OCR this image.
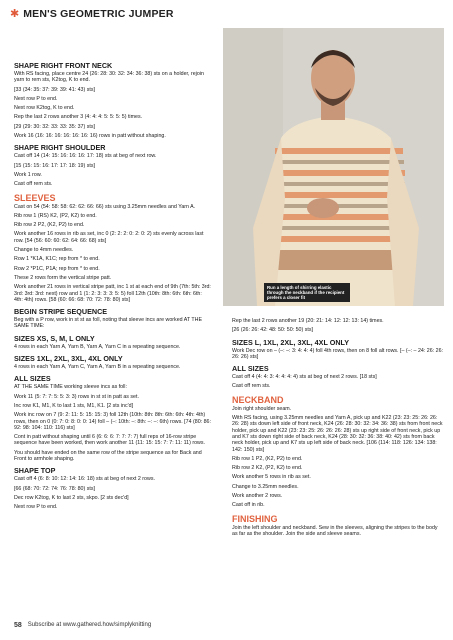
✱ MEN'S GEOMETRIC JUMPER
SHAPE RIGHT FRONT NECK

With RS facing, place centre 24 (26: 28: 30: 32: 34: 36: 38) sts on a holder, rejoin yarn to rem sts, K2tog, K to end.

[33 (34: 35: 37: 39: 39: 41: 43) sts]

Next row P to end.

Next row K2tog, K to end.

Rep the last 2 rows another 3 (4: 4: 4: 5: 5: 5: 5) times.

[29 (29: 30: 32: 33: 33: 35: 37) sts]

Work 16 (16: 16: 16: 16: 16: 16: 16) rows in patt without shaping.

SHAPE RIGHT SHOULDER

Cast off 14 (14: 15: 16: 16: 16: 17: 18) sts at beg of next row.

[15 (15: 15: 16: 17: 17: 18: 19) sts]

Work 1 row.

Cast off rem sts.

SLEEVES

Cast on 54 (54: 58: 58: 62: 62: 66: 66) sts using 3.25mm needles and Yarn A.

Rib row 1 (RS) K2, (P2, K2) to end.

Rib row 2 P2, (K2, P2) to end.

Work another 16 rows in rib as set, inc 0 (2: 2: 2: 0: 2: 0: 2) sts evenly across last row. [54 (56: 60: 60: 62: 64: 66: 68) sts]

Change to 4mm needles.

Row 1 *K1A, K1C; rep from * to end.

Row 2 *P1C, P1A; rep from * to end.

These 2 rows form the vertical stripe patt.

Work another 21 rows in vertical stripe patt, inc 1 st at each end of 9th (7th: 5th: 3rd: 3rd: 3rd: 3rd: next) row and 1 (1: 2: 3: 3: 3: 5: 5) foll 12th (10th: 8th: 6th: 6th: 6th: 4th: 4th) rows. [58 (60: 66: 68: 70: 72: 78: 80) sts]

BEGIN STRIPE SEQUENCE

Beg with a P row, work in st st as foll, noting that sleeve incs are worked AT THE SAME TIME:

SIZES XS, S, M, L ONLY

4 rows in each Yarn A, Yarn B, Yarn A, Yarn C in a repeating sequence.

SIZES 1XL, 2XL, 3XL, 4XL ONLY

4 rows in each Yarn A, Yarn C, Yarn A, Yarn B in a repeating sequence.

ALL SIZES

AT THE SAME TIME working sleeve incs as foll:

Work 11 (5: 7: 7: 5: 5: 3: 3) rows in st st in patt as set.

Inc row K1, M1, K to last 1 sts, M1, K1. [2 sts inc'd]

Work inc row on 7 (9: 2: 11: 5: 15: 15: 3) foll 12th (10th: 8th: 8th: 6th: 6th: 4th: 4th) rows, then on 0 (0: 7: 0: 8: 0: 0: 14) foll – (–: 10th: –: 8th: –: –: 6th) rows. [74 (80: 86: 92: 98: 104: 110: 116) sts]

Cont in patt without shaping until 6 (6: 6: 6: 7: 7: 7: 7) full reps of 16-row stripe sequence have been worked, then work another 11 (11: 15: 15: 7: 7: 11: 11) rows.

You should have ended on the same row of the stripe sequence as for Back and Front to armhole shaping.

SHAPE TOP

Cast off 4 (6: 8: 10: 12: 14: 16: 18) sts at beg of next 2 rows.

[66 (68: 70: 72: 74: 76: 78: 80) sts]

Dec row K2tog, K to last 2 sts, skpo. [2 sts dec'd]

Next row P to end.

Run a length of shirring elastic through the neckband if the recipient prefers a closer fit

Rep the last 2 rows another 19 (20: 21: 14: 12: 12: 13: 14) times.

[26 (26: 26: 42: 48: 50: 50: 50) sts]

SIZES L, 1XL, 2XL, 3XL, 4XL ONLY

Work Dec row on – (–: –: 3: 4: 4: 4) foll 4th rows, then on 8 foll alt rows. [– (–: – 24: 26: 26: 26: 26) sts]

ALL SIZES

Cast off 4 (4: 4: 3: 4: 4: 4: 4) sts at beg of next 2 rows. [18 sts]

Cast off rem sts.

NECKBAND

Join right shoulder seam.

With RS facing, using 3.25mm needles and Yarn A, pick up and K22 (23: 23: 25: 26: 26: 26: 28) sts down left side of front neck, K24 (26: 28: 30: 32: 34: 36: 38) sts from front neck holder, pick up and K22 (23: 23: 25: 26: 26: 26: 28) sts up right side of front neck, pick up and K7 sts down right side of back neck, K24 (28: 30: 32: 36: 38: 40: 42) sts from back neck holder, pick up and K7 sts up left side of back neck. [106 (114: 118: 126: 134: 138: 142: 150) sts]

Rib row 1 P2, (K2, P2) to end.

Rib row 2 K2, (P2, K2) to end.

Work another 5 rows in rib as set.

Change to 3.25mm needles.

Work another 2 rows.

Cast off in rib.

FINISHING

Join the left shoulder and neckband. Sew in the sleeves, aligning the stripes to the body as far as the shoulder. Join the side and sleeve seams.

58 Subscribe at www.gathered.how/simplyknitting
